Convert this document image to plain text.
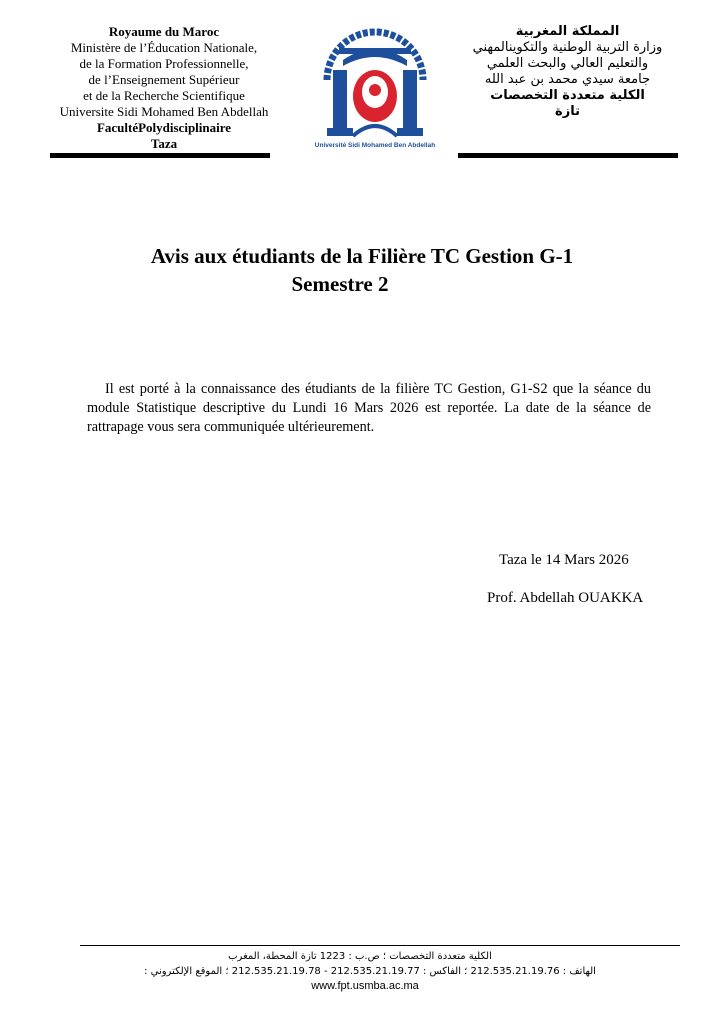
Royaume du Maroc
Ministère de l’Éducation Nationale,
de la Formation Professionnelle,
de l’Enseignement Supérieur
et de la Recherche Scientifique
Universite Sidi Mohamed Ben Abdellah
FacultéPolydisciplinaire
Taza	Université Sidi Mohamed Ben Abdellah
المملكة المغربية
وزارة التربية الوطنية والتكوينالمهني
والتعليم العالي والبحث العلمي
جامعة سيدي محمد بن عبد الله
الكلية متعددة التخصصات
تازة
Avis aux étudiants de la Filière TC Gestion G-1
Semestre 2
Il est porté à la connaissance des étudiants de la filière TC Gestion, G1-S2 que la séance du module Statistique descriptive du Lundi 16 Mars 2026 est reportée. La date de la séance de rattrapage vous sera communiquée ultérieurement.
Taza le 14 Mars 2026
Prof. Abdellah OUAKKA
الكلية متعددة التخصصات ؛ ص.ب : 1223 تازة المحطة، المغرب
الهاتف : 212.535.21.19.76 ؛ الفاكس : 212.535.21.19.77 - 212.535.21.19.78 ؛ الموقع الإلكتروني :
www.fpt.usmba.ac.ma
